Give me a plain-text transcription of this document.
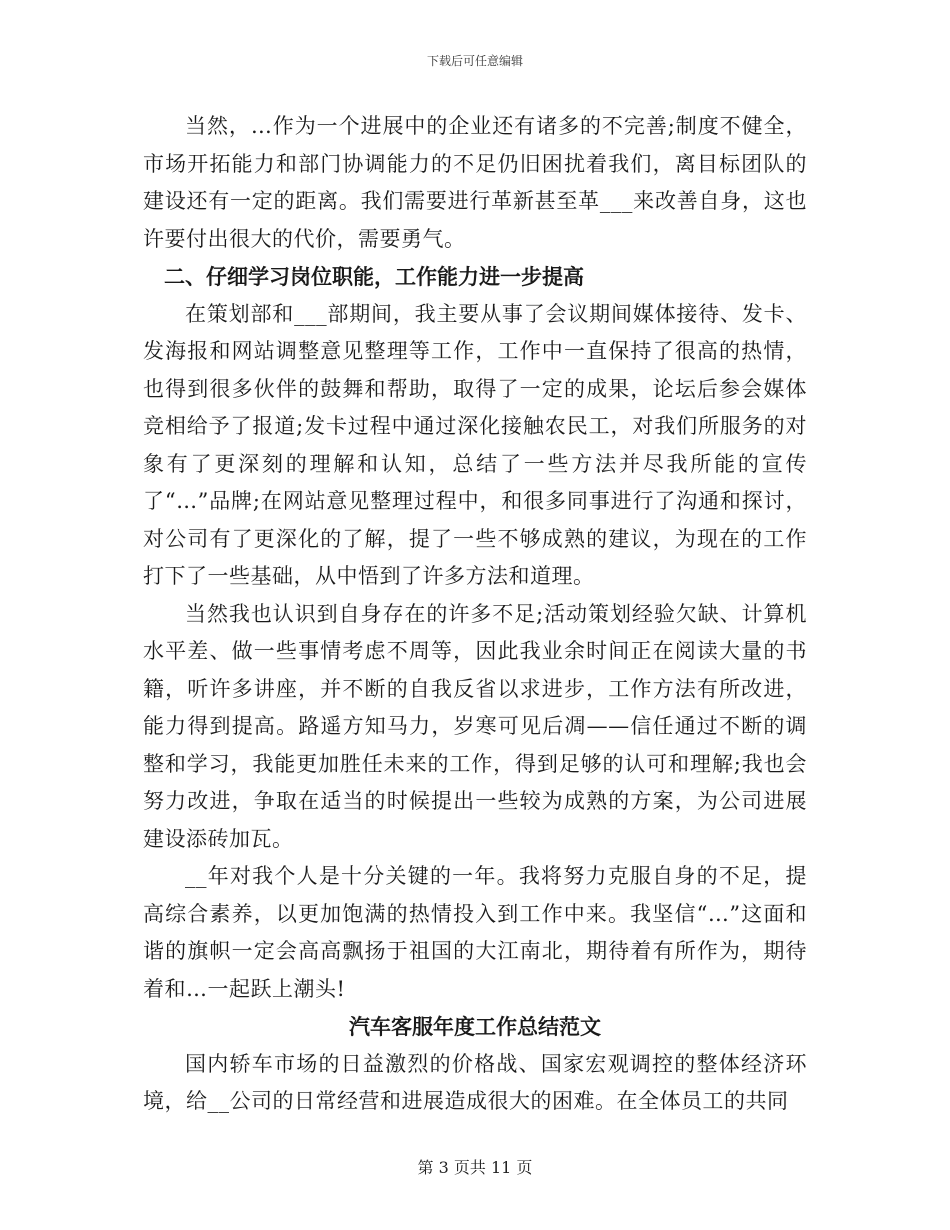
下载后可任意编辑

当然，…作为一个进展中的企业还有诸多的不完善;制度不健全，市场开拓能力和部门协调能力的不足仍旧困扰着我们，离目标团队的建设还有一定的距离。我们需要进行革新甚至革___来改善自身，这也许要付出很大的代价，需要勇气。

二、仔细学习岗位职能，工作能力进一步提高

在策划部和___部期间，我主要从事了会议期间媒体接待、发卡、发海报和网站调整意见整理等工作，工作中一直保持了很高的热情，也得到很多伙伴的鼓舞和帮助，取得了一定的成果，论坛后参会媒体竞相给予了报道;发卡过程中通过深化接触农民工，对我们所服务的对象有了更深刻的理解和认知，总结了一些方法并尽我所能的宣传了“…”品牌;在网站意见整理过程中，和很多同事进行了沟通和探讨，对公司有了更深化的了解，提了一些不够成熟的建议，为现在的工作打下了一些基础，从中悟到了许多方法和道理。

当然我也认识到自身存在的许多不足;活动策划经验欠缺、计算机水平差、做一些事情考虑不周等，因此我业余时间正在阅读大量的书籍，听许多讲座，并不断的自我反省以求进步，工作方法有所改进，能力得到提高。路遥方知马力，岁寒可见后凋——信任通过不断的调整和学习，我能更加胜任未来的工作，得到足够的认可和理解;我也会努力改进，争取在适当的时候提出一些较为成熟的方案，为公司进展建设添砖加瓦。

__年对我个人是十分关键的一年。我将努力克服自身的不足，提高综合素养，以更加饱满的热情投入到工作中来。我坚信“…”这面和谐的旗帜一定会高高飘扬于祖国的大江南北，期待着有所作为，期待着和…一起跃上潮头!

汽车客服年度工作总结范文

国内轿车市场的日益激烈的价格战、国家宏观调控的整体经济环境，给__公司的日常经营和进展造成很大的困难。在全体员工的共同

第 3 页共 11 页
